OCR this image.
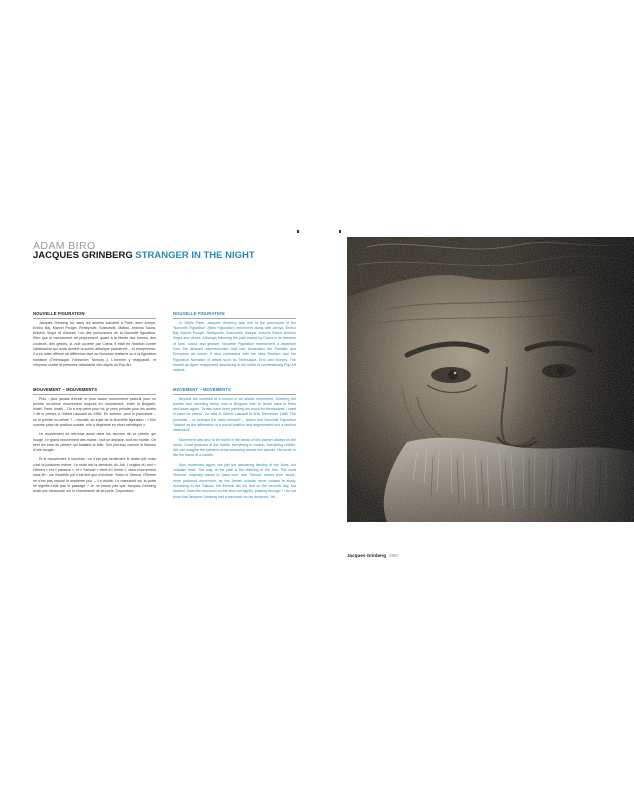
ADAM BIRO
JACQUES GRINBERG STRANGER IN THE NIGHT
NOUVELLE FIGURATION

Jacques Grinberg fut, dans les années soixante à Paris, avec Arroyo, Enrico Baj, Marcel Pouget, Rebeyrolle, Sosnowitz, Matieu, Antonio Saura, Antonio Segui et d'autres, l'un des précurseurs de la Nouvelle figuration. Rien que le mouvement art proprement, quant à la liberté des formes, des couleurs, des gestes, la voie ouverte par Cobra, il était en réaction contre l'abstraction qui avait dominé la scène artistique parisienne – et européenne. Il a en outre affirmé sa différence face au Nouveau réalisme ou à la figuration narrative (Télémaque, Fahlström, Monory...). L'homme y réapparaît, et s'impose contre la présence obsédante des objets du Pop Art.

MOUVEMENT – MOUVEMENTS

Puis : plus jamais d'école et plus aucun mouvement pictural pour ce peintre lui-même mouvement toujours en mouvement, entre la Bulgarie, Israël, Paris, Israël... On a trop peint pour toi, je veux peindre pour les autres » dit le peintre à Gilbert Lascault en 1966. En somme, pour le journaliste – ou le peintre lui-même ? – répudie, au sujet de la Nouvelle figuration : « Elle comme prise de position sociale, elle a dégénéré en rituel esthétique ».

Le mouvement se retrouve aussi dans les œuvres de ce peintre qui bouge. Le grand mouvement des mains : tout se déplace, tout est mobile. On sent les bras du peintre qui balaient la toile. Son pinceau comme la flamme d'une bougie...

Et le mouvement à nouveau : ce n'est pas seulement le destin juif, mais c'est la judaïsme même. La route est la demeure du Juif. L'origine du mot « Hébreu » est « passeur », et « Samuel » vient d'« écrire », donc mouvement sans fin : car l'Israélite juif n'est fixé que d'écriture. Selon le Talmud, l'Éternel ne s'est pas reposé le septième jour – il a étudié. Le manuscrit sur la porte ne signifie-t-elle pas le passage ? Je ne pense pas que Jacques Grinberg avait une mezouzah sur le chambranle de sa porte, Cependant...

NOUVELLE FIGURATION

In 1960s Paris, Jacques Grinberg was one of the precursors of the 'Nouvelle Figuration' (New Figuration) movement along with Arroyo, Enrico Baj, Marcel Pouget, Rebeyrolle, Sosnowitz, Mazyar, Antonio Saura, Antonio Segui and others. Although following the path traced by Cobra in its freedom of form, colour and gesture, Nouvelle Figuration represented a departure from the Abstract expressionism that had dominated the Parisian and European art scene. It also contrasted with the New Realism and the Figuration Narrative of artists such as Télémaque, Erró and Monory. The human as figure reappeared assertively in the midst of overwhelming Pop Art objects.

MOVEMENT – MOVEMENTS

Beyond the confines of a school or an artistic movement, Grinberg the painter kept travelling freely: now in Bulgaria, then to Israel, back to Paris and Israel again. "Artists have been painting too much for themselves; I want to paint for others", he said to Gilbert Lascault in Arts, December 1966. The journalist – or perhaps the artist himself? – added that Nouvelle Figuration "started as the affirmation of a social position and degenerated into a fashion statement".

Movement was also to be found in the works of this painter always on the move. Great gestures of the hands: everything in motion, everything mobile. We can imagine the painter's arms sweeping across the canvas. His brush is like the flame of a candle.

Also movement again: not just the wandering destiny of the Jews, but Judaism itself. The way, or the path is the dwelling of the Jew. The word 'Hebrew' originally meant to 'pass over' and 'Talmud' comes from 'study'; more profound movement, as the Jewish scholar never ceases to study. According to the Talmud, the Eternal did not rest on the seventh day, but studied. Does the mezuzah on the door not signify 'passing through'? I do not think that Jacques Grinberg had a mezuzah on his doorpost. Yet...

Jacques Grinberg 1967
